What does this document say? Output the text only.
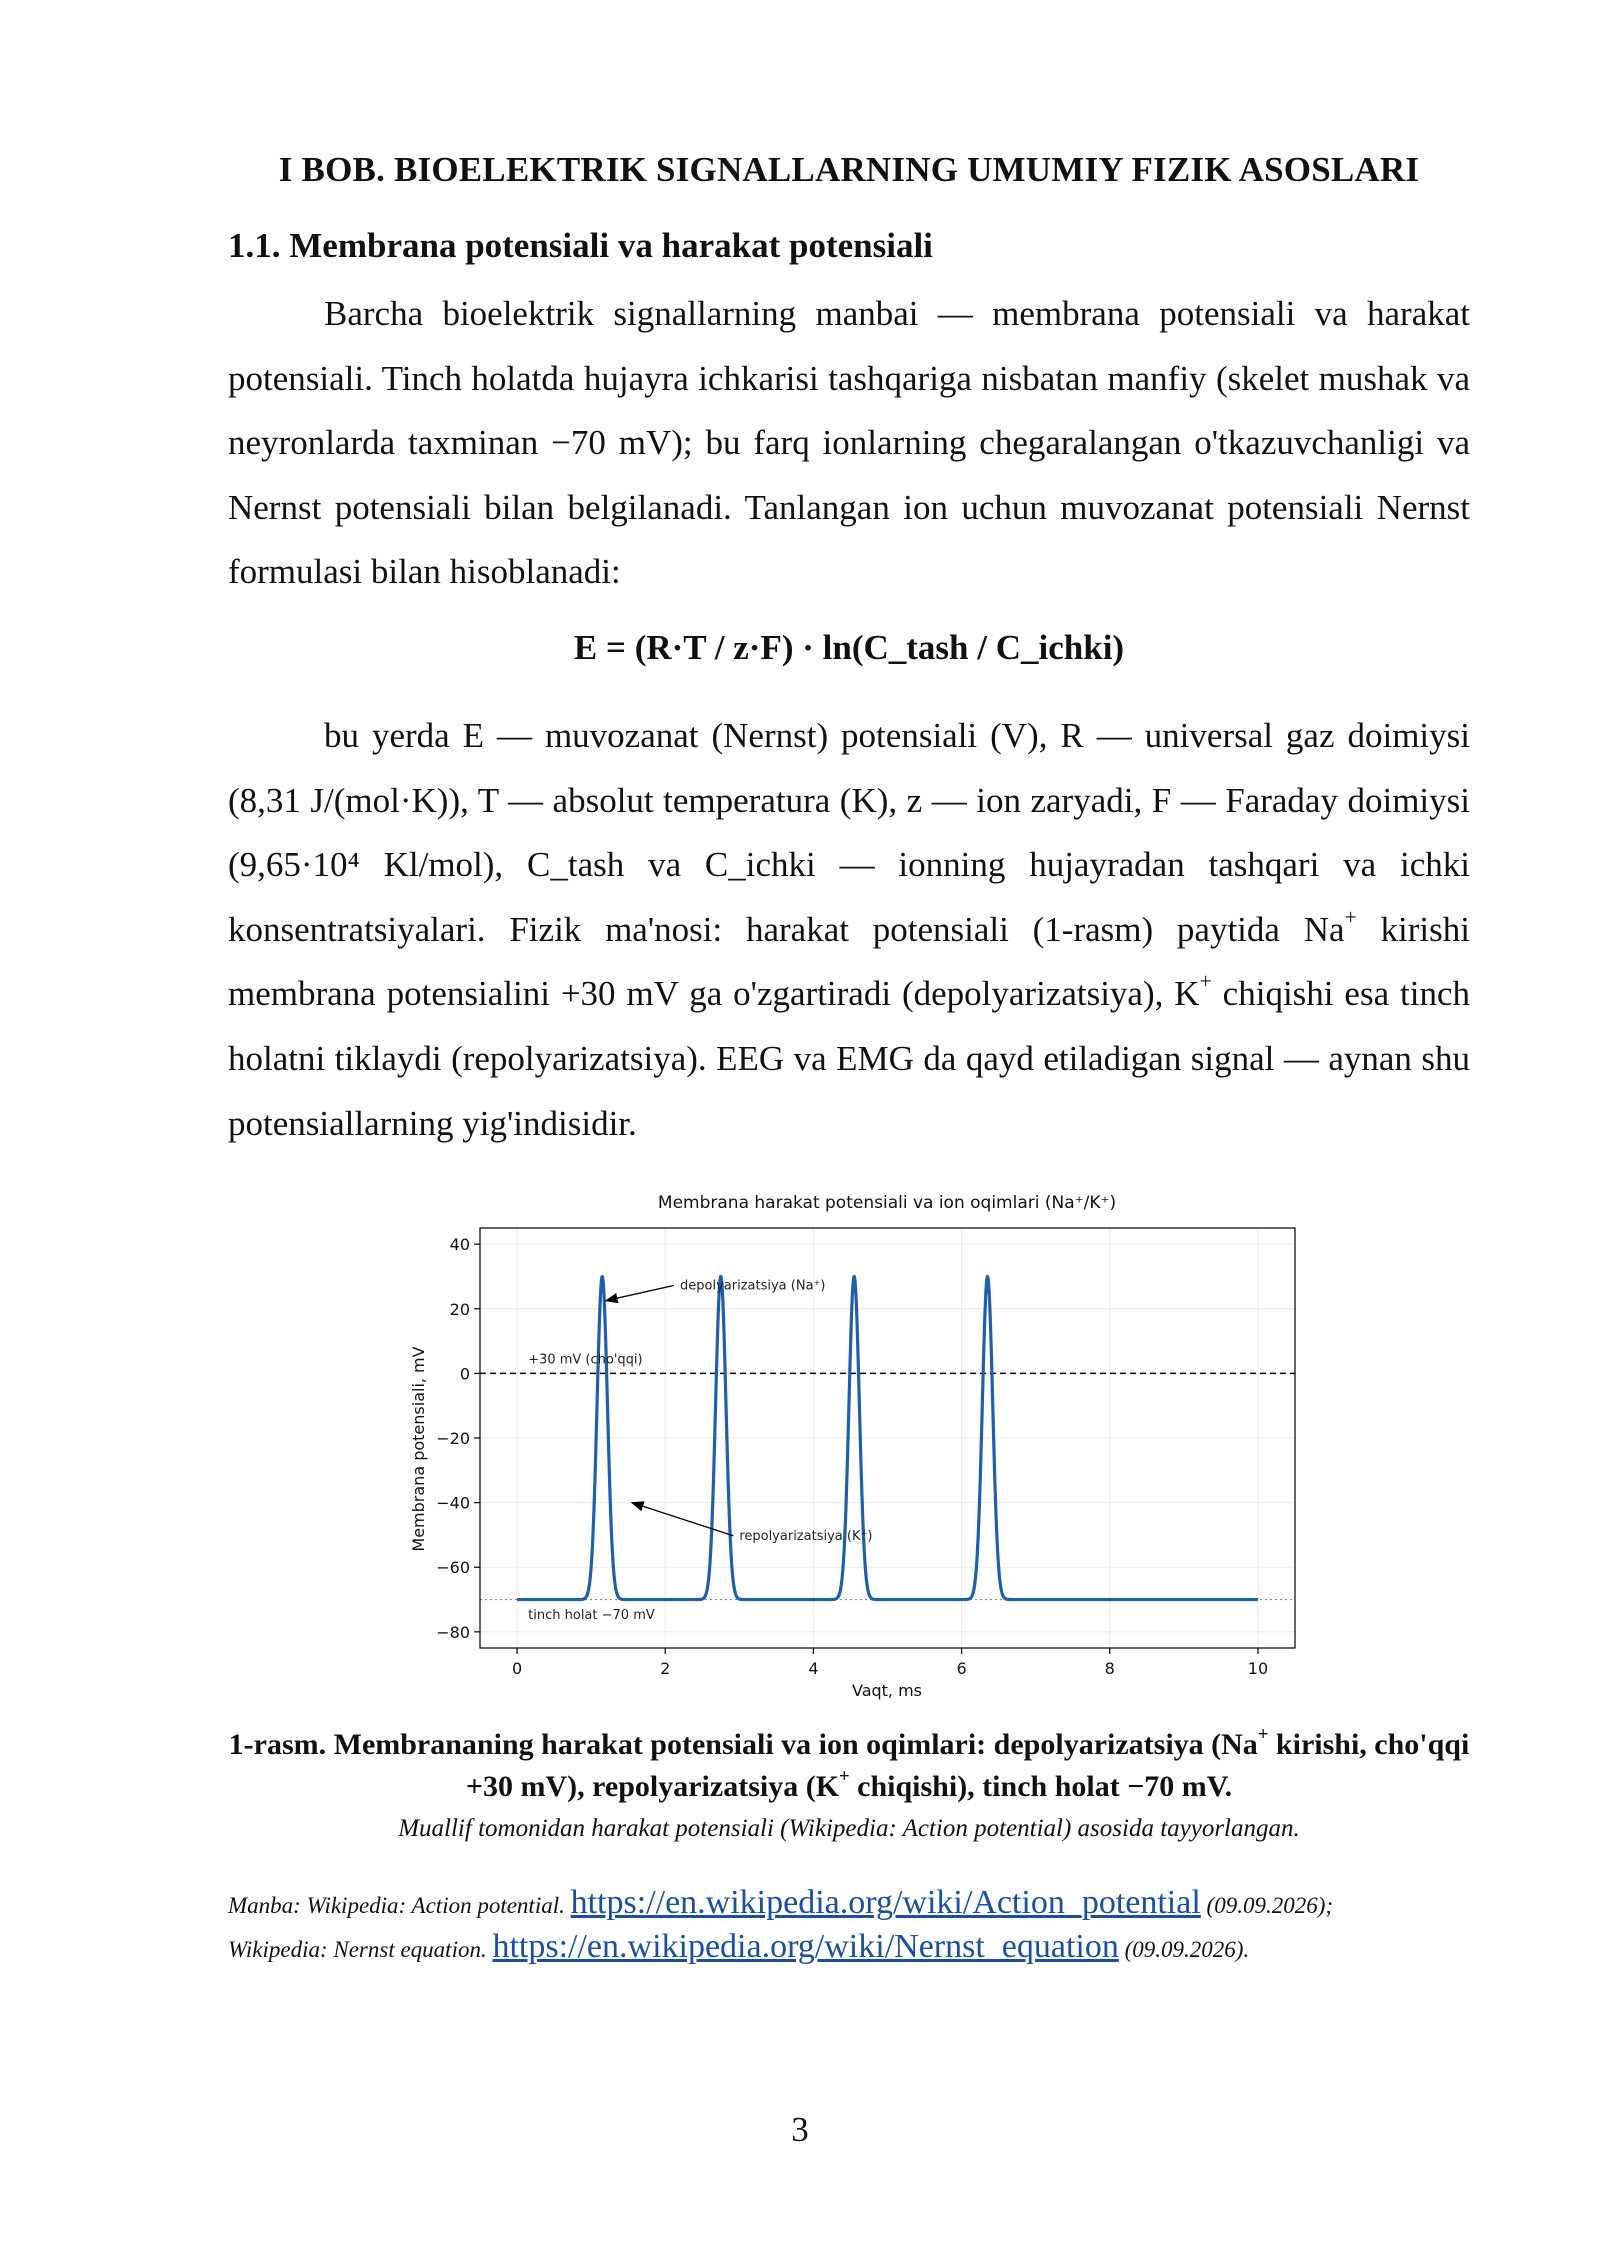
I BOB. BIOELEKTRIK SIGNALLARNING UMUMIY FIZIK ASOSLARI
1.1. Membrana potensiali va harakat potensiali

Barcha bioelektrik signallarning manbai — membrana potensiali va harakat potensiali. Tinch holatda hujayra ichkarisi tashqariga nisbatan manfiy (skelet mushak va neyronlarda taxminan −70 mV); bu farq ionlarning chegaralangan o'tkazuvchanligi va Nernst potensiali bilan belgilanadi. Tanlangan ion uchun muvozanat potensiali Nernst formulasi bilan hisoblanadi:

E = (R·T / z·F) · ln(C_tash / C_ichki)

bu yerda E — muvozanat (Nernst) potensiali (V), R — universal gaz doimiysi (8,31 J/(mol·K)), T — absolut temperatura (K), z — ion zaryadi, F — Faraday doimiysi (9,65·10⁴ Kl/mol), C_tash va C_ichki — ionning hujayradan tashqari va ichki konsentratsiyalari. Fizik ma'nosi: harakat potensiali (1-rasm) paytida Na+ kirishi membrana potensialini +30 mV ga o'zgartiradi (depolyarizatsiya), K+ chiqishi esa tinch holatni tiklaydi (repolyarizatsiya). EEG va EMG da qayd etiladigan signal — aynan shu potensiallarning yig'indisidir.

Membrana harakat potensiali va ion oqimlari (Na⁺/K⁺)
0	2	4	6	8	10
40
20
0
−20
−40
−60
−80
depolyarizatsiya (Na⁺)
+30 mV (cho'qqi)
repolyarizatsiya (K⁺)
tinch holat −70 mV
Vaqt, ms
Membrana potensiali, mV
1-rasm. Membrananing harakat potensiali va ion oqimlari: depolyarizatsiya (Na+ kirishi, cho'qqi +30 mV), repolyarizatsiya (K+ chiqishi), tinch holat −70 mV.
Muallif tomonidan harakat potensiali (Wikipedia: Action potential) asosida tayyorlangan.
Manba: Wikipedia: Action potential. https://en.wikipedia.org/wiki/Action_potential (09.09.2026);
Wikipedia: Nernst equation. https://en.wikipedia.org/wiki/Nernst_equation (09.09.2026).
3
